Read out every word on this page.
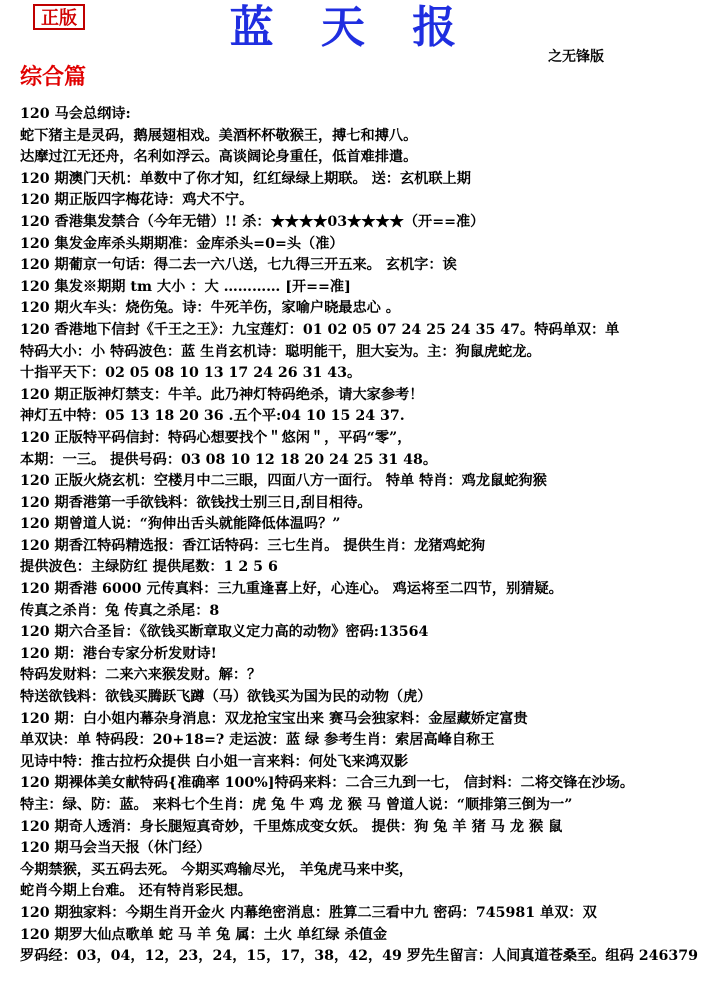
正版	蓝 天 报
之无锋版
综合篇
120 马会总纲诗:
蛇下猪主是灵码，鹅展翅相戏。美酒杯杯敬猴王，搏七和搏八。
达摩过江无还舟，名利如浮云。高谈阔论身重任，低首难排遣。
120 期澳门天机：单数中了你才知，红红绿绿上期联。 送：玄机联上期
120 期正版四字梅花诗：鸡犬不宁。
120 香港集发禁合（今年无错）!! 杀：★★★★03★★★★（开==准）
120 集发金库杀头期期准：金库杀头=0=头（准）
120 期葡京一句话：得二去一六八送，七九得三开五来。 玄机字：诶
120 集发※期期 tm 大小 ：大 ………… [开==准]
120 期火车头：烧伤兔。诗：牛死羊伤，家喻户晓最忠心 。
120 香港地下信封《千王之王》：九宝莲灯：01 02 05 07 24 25 24 35 47。特码单双：单
特码大小：小 特码波色：蓝 生肖玄机诗：聪明能干，胆大妄为。主：狗鼠虎蛇龙。
十指平天下：02 05 08 10 13 17 24 26 31 43。
120 期正版神灯禁支：牛羊。此乃神灯特码绝杀，请大家参考！
神灯五中特：05 13 18 20 36 .五个平:04 10 15 24 37.
120 正版特平码信封：特码心想要找个＂悠闲＂，平码“零”，
本期：一三。 提供号码：03 08 10 12 18 20 24 25 31 48。
120 正版火烧玄机：空楼月中二三眼，四面八方一面行。 特单 特肖：鸡龙鼠蛇狗猴
120 期香港第一手欲钱料：欲钱找士别三日,刮目相待。
120 期曾道人说：“狗伸出舌头就能降低体温吗？”
120 期香江特码精选报：香江话特码：三七生肖。 提供生肖：龙猪鸡蛇狗
提供波色：主绿防红 提供尾数：1 2 5 6
120 期香港 6000 元传真料：三九重逢喜上好，心连心。 鸡运将至二四节，别猜疑。
传真之杀肖：兔 传真之杀尾：8
120 期六合圣旨：《欲钱买断章取义定力高的动物》密码:13564
120 期：港台专家分析发财诗!
特码发财料：二来六来猴发财。解：？
特送欲钱料：欲钱买腾跃飞蹲（马）欲钱买为国为民的动物（虎）
120 期：白小姐内幕杂身消息：双龙抢宝宝出来 赛马会独家料：金屋藏娇定富贵
单双诀：单 特码段：20+18=? 走运波：蓝 绿 参考生肖：索居高峰自称王
见诗中特：推古拉朽众提供 白小姐一言来料：何处飞来鸿双影
120 期裸体美女献特码{准确率 100%]特码来料：二合三九到一七， 信封料：二将交锋在沙场。
特主：绿、防：蓝。 来料七个生肖：虎 兔 牛 鸡 龙 猴 马 曾道人说：“顺排第三倒为一”
120 期奇人透消：身长腿短真奇妙，千里炼成变女妖。 提供：狗 兔 羊 猪 马 龙 猴 鼠
120 期马会当天报（休门经）
今期禁猴，买五码去死。 今期买鸡输尽光， 羊兔虎马来中奖，
蛇肖今期上台难。 还有特肖彩民想。
120 期独家料：今期生肖开金火 内幕绝密消息：胜算二三看中九 密码：745981 单双：双
120 期罗大仙点歌单 蛇 马 羊 兔 属：土火 单红绿 杀值金
罗码经：03，04，12，23，24，15，17，38，42，49 罗先生留言：人间真道苍桑至。组码 246379
